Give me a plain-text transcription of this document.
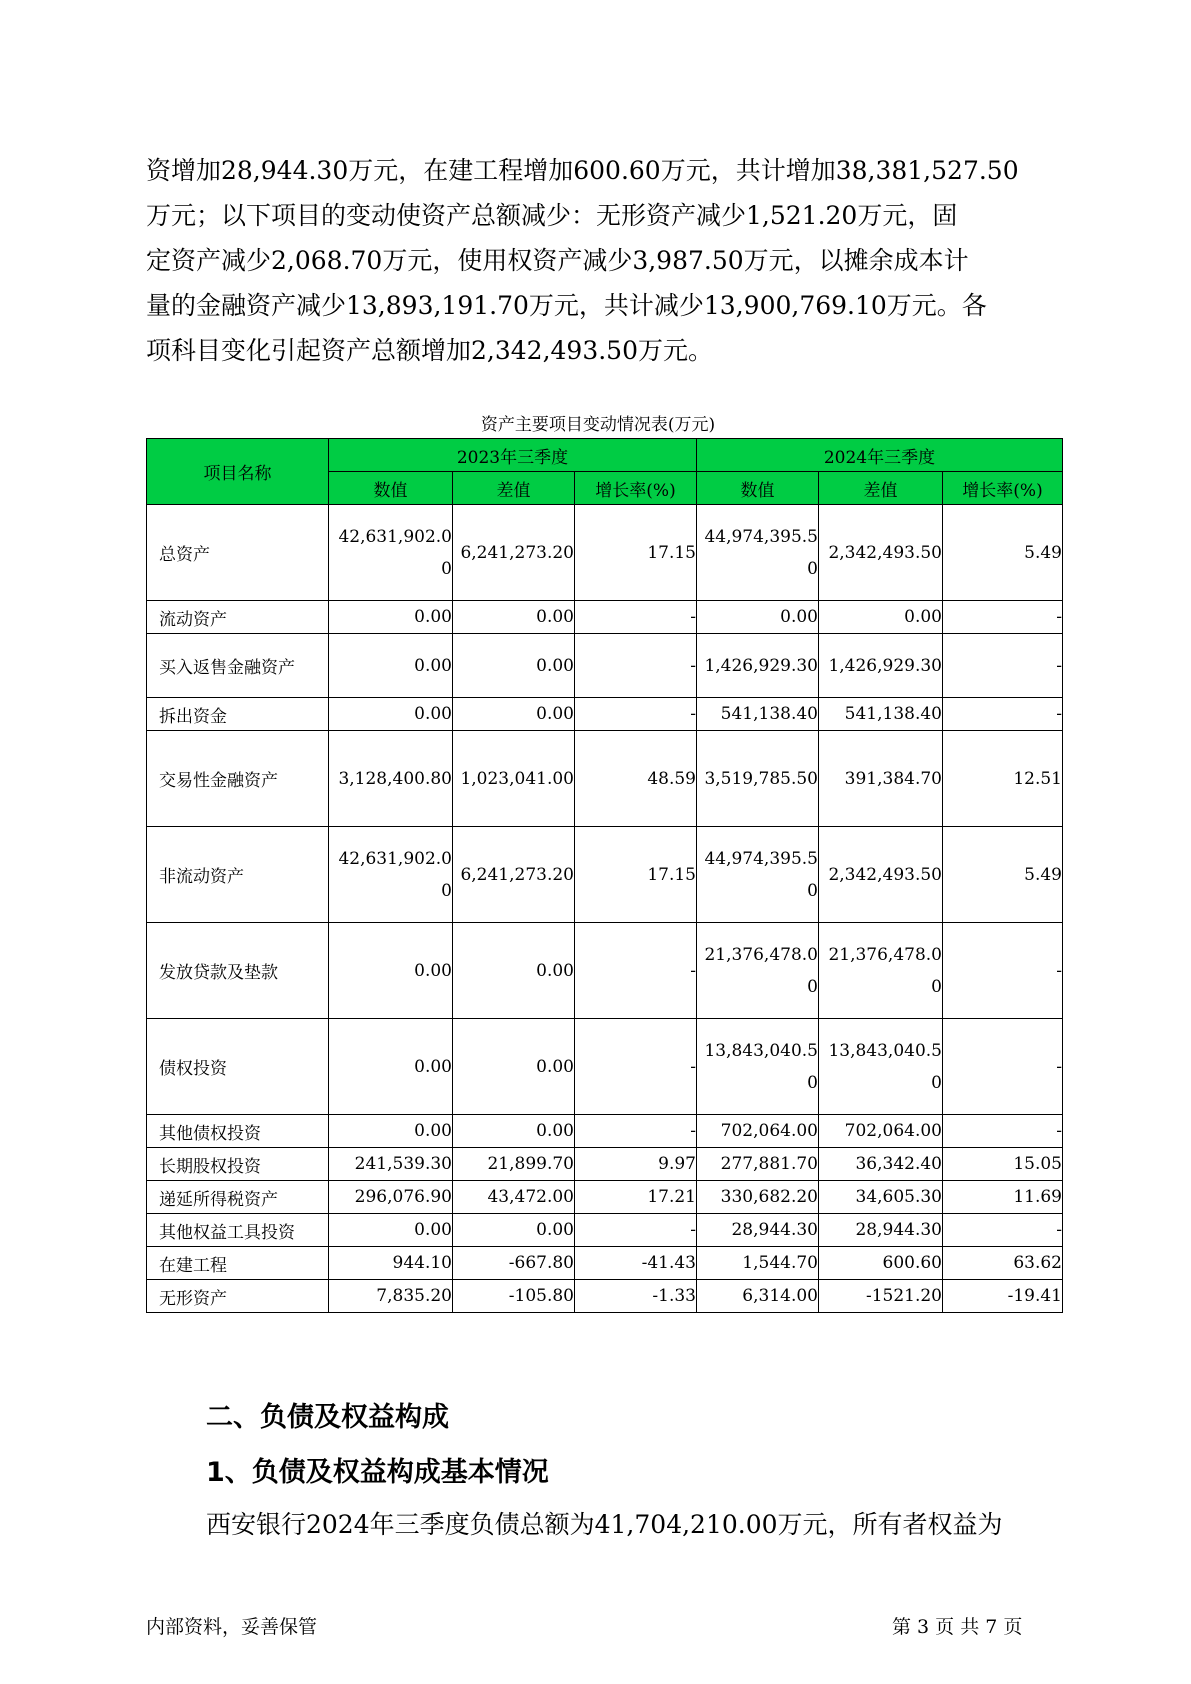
资增加28,944.30万元，在建工程增加600.60万元，共计增加38,381,527.50
万元；以下项目的变动使资产总额减少：无形资产减少1,521.20万元，固
定资产减少2,068.70万元，使用权资产减少3,987.50万元，以摊余成本计
量的金融资产减少13,893,191.70万元，共计减少13,900,769.10万元。各
项科目变化引起资产总额增加2,342,493.50万元。
资产主要项目变动情况表(万元)
项目名称	2023年三季度			2024年三季度		
	数值	差值	增长率(%)	数值	差值	增长率(%)
总资产	42,631,902.00	6,241,273.20	17.15	44,974,395.50	2,342,493.50	5.49
流动资产	0.00	0.00	-	0.00	0.00	-
买入返售金融资产	0.00	0.00	-	1,426,929.30	1,426,929.30	-
拆出资金	0.00	0.00	-	541,138.40	541,138.40	-
交易性金融资产	3,128,400.80	1,023,041.00	48.59	3,519,785.50	391,384.70	12.51
非流动资产	42,631,902.00	6,241,273.20	17.15	44,974,395.50	2,342,493.50	5.49
发放贷款及垫款	0.00	0.00	-	21,376,478.00	21,376,478.00	-
债权投资	0.00	0.00	-	13,843,040.50	13,843,040.50	-
其他债权投资	0.00	0.00	-	702,064.00	702,064.00	-
长期股权投资	241,539.30	21,899.70	9.97	277,881.70	36,342.40	15.05
递延所得税资产	296,076.90	43,472.00	17.21	330,682.20	34,605.30	11.69
其他权益工具投资	0.00	0.00	-	28,944.30	28,944.30	-
在建工程	944.10	-667.80	-41.43	1,544.70	600.60	63.62
无形资产	7,835.20	-105.80	-1.33	6,314.00	-1521.20	-19.41
二、负债及权益构成
1、负债及权益构成基本情况
西安银行2024年三季度负债总额为41,704,210.00万元，所有者权益为
内部资料，妥善保管	第 3 页 共 7 页
